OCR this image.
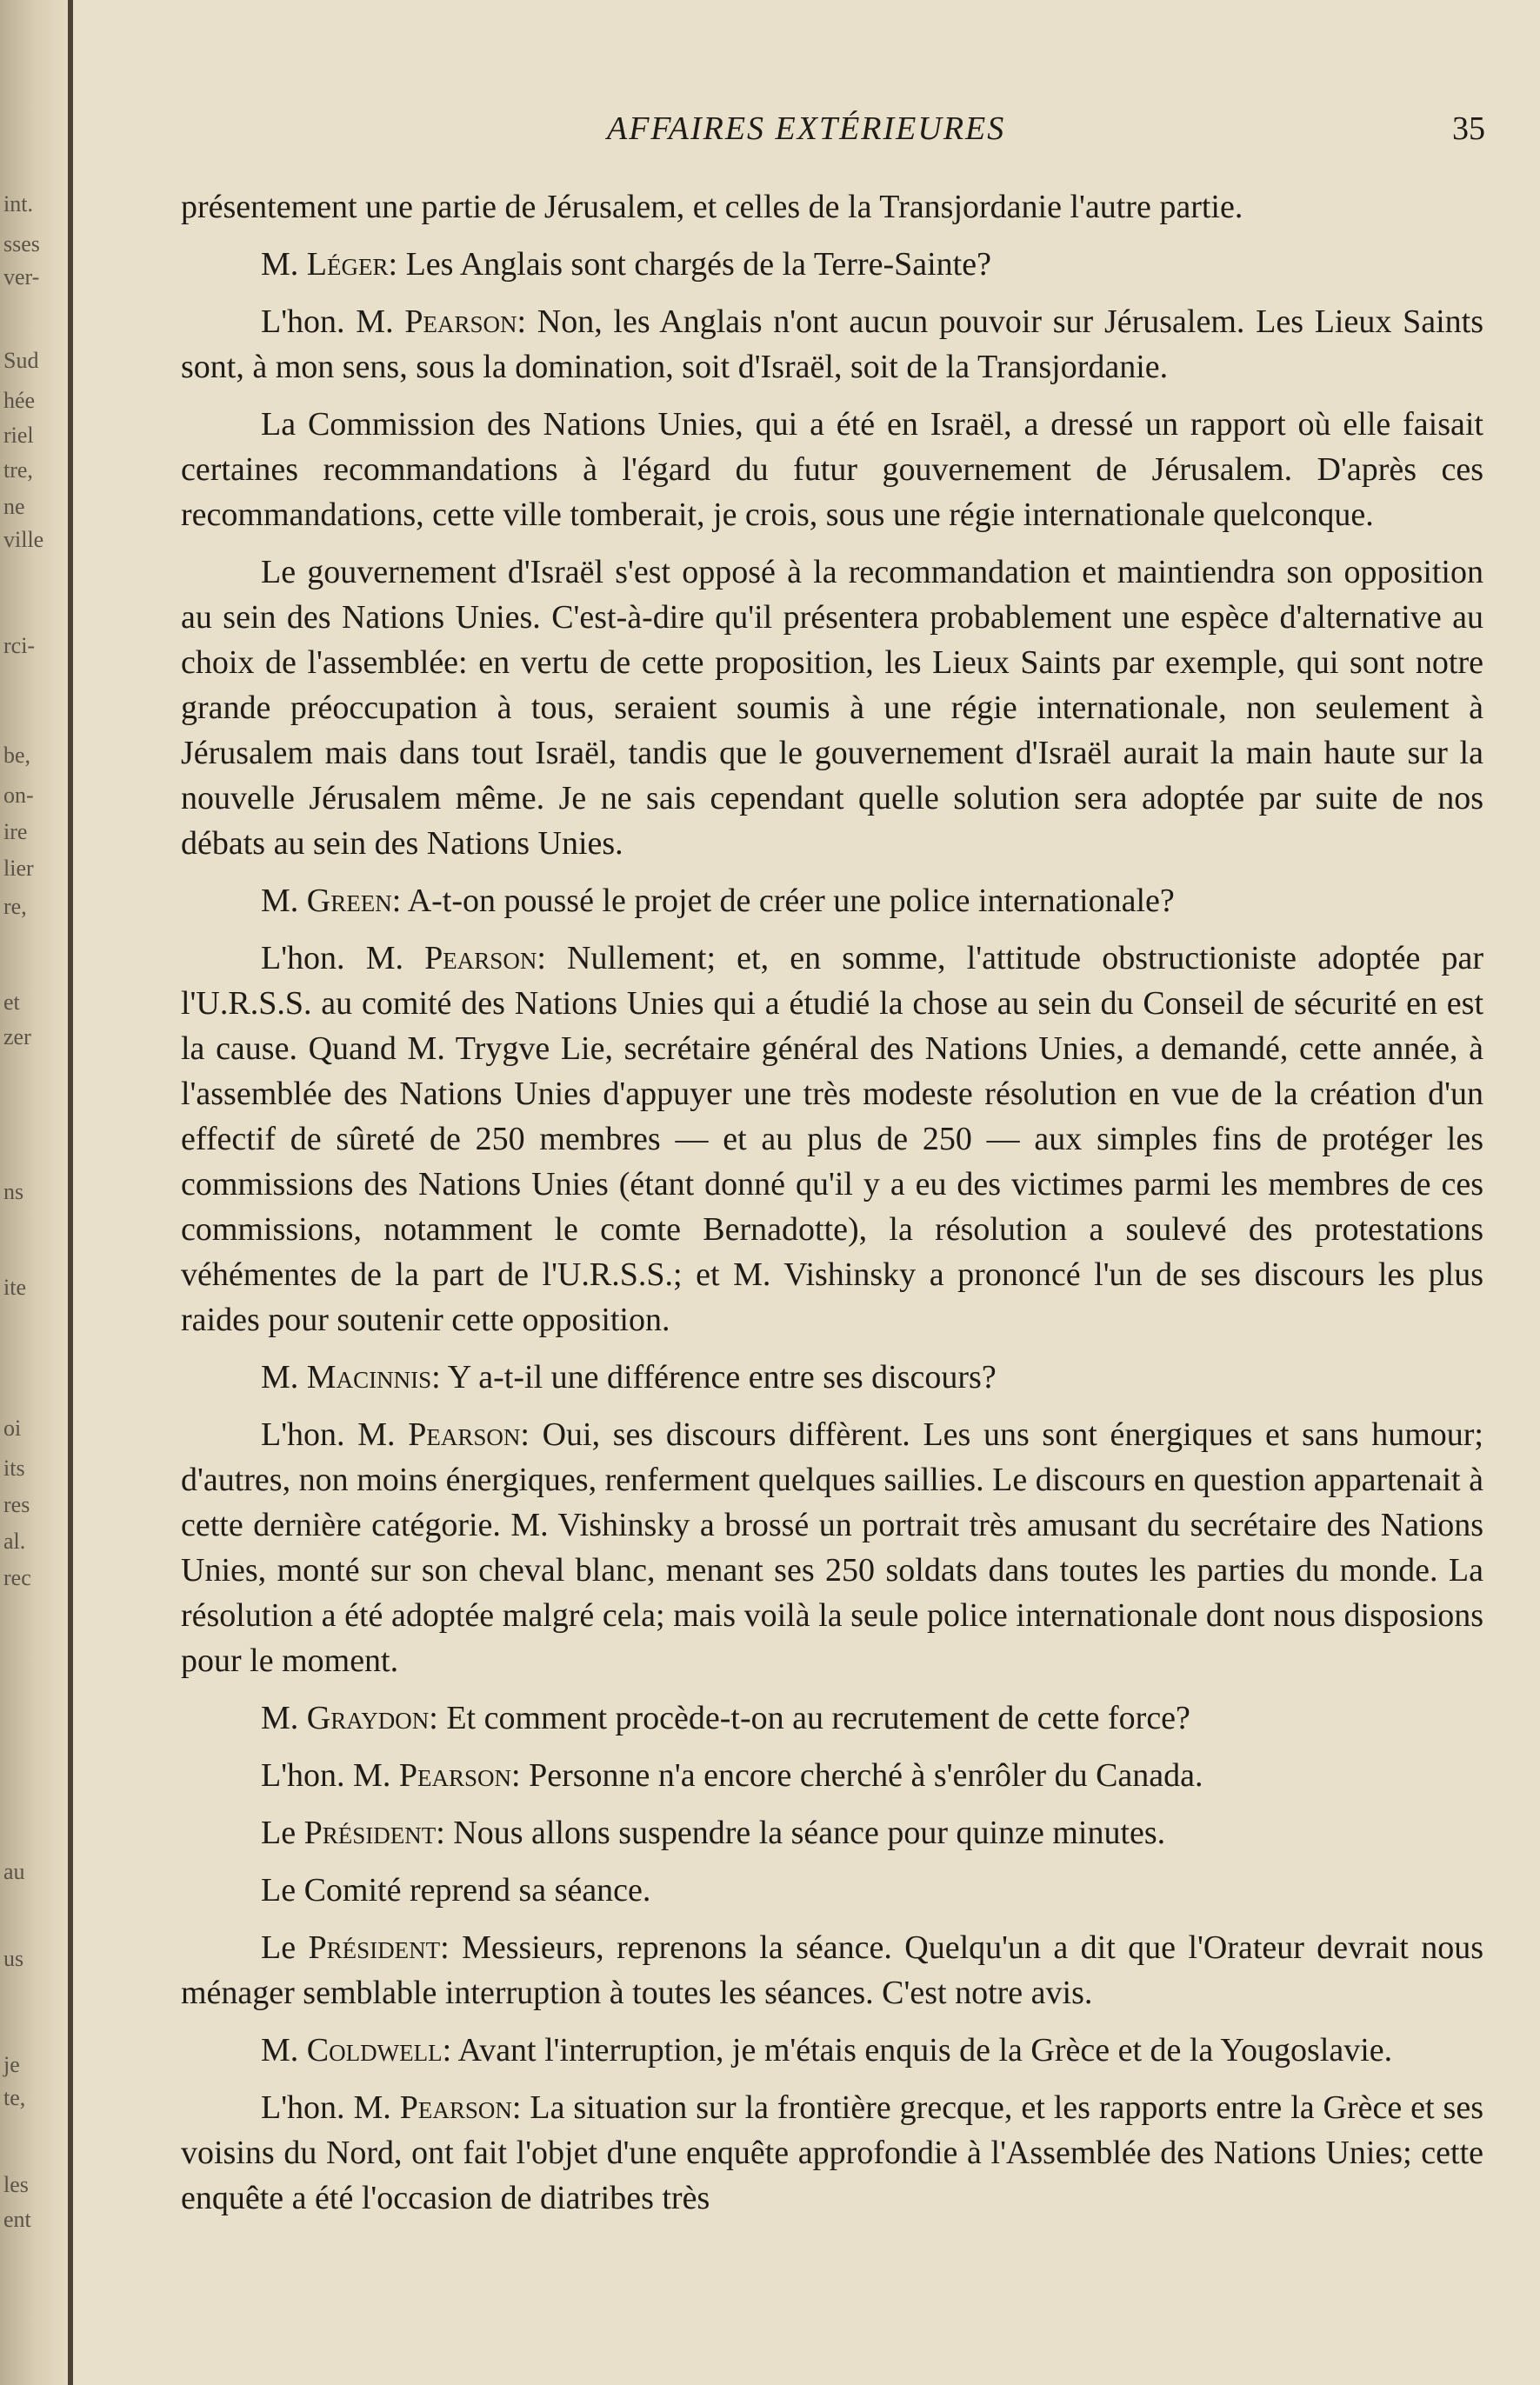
int.
sses
ver-
Sud
hée
riel
tre,
ne
ville
rci-
be,
on-
ire
lier
re,
et
zer
ns
ite
oi
its
res
al.
rec
au
us
je
te,
les
ent
AFFAIRES EXTÉRIEURES	35

présentement une partie de Jérusalem, et celles de la Transjordanie l'autre partie.

M. Léger: Les Anglais sont chargés de la Terre-Sainte?

L'hon. M. Pearson: Non, les Anglais n'ont aucun pouvoir sur Jérusalem. Les Lieux Saints sont, à mon sens, sous la domination, soit d'Israël, soit de la Transjordanie.

La Commission des Nations Unies, qui a été en Israël, a dressé un rapport où elle faisait certaines recommandations à l'égard du futur gouvernement de Jérusalem. D'après ces recommandations, cette ville tomberait, je crois, sous une régie internationale quelconque.

Le gouvernement d'Israël s'est opposé à la recommandation et maintiendra son opposition au sein des Nations Unies. C'est-à-dire qu'il présentera probablement une espèce d'alternative au choix de l'assemblée: en vertu de cette proposition, les Lieux Saints par exemple, qui sont notre grande préoccupation à tous, seraient soumis à une régie internationale, non seulement à Jérusalem mais dans tout Israël, tandis que le gouvernement d'Israël aurait la main haute sur la nouvelle Jérusalem même. Je ne sais cependant quelle solution sera adoptée par suite de nos débats au sein des Nations Unies.

M. Green: A-t-on poussé le projet de créer une police internationale?

L'hon. M. Pearson: Nullement; et, en somme, l'attitude obstructioniste adoptée par l'U.R.S.S. au comité des Nations Unies qui a étudié la chose au sein du Conseil de sécurité en est la cause. Quand M. Trygve Lie, secrétaire général des Nations Unies, a demandé, cette année, à l'assemblée des Nations Unies d'appuyer une très modeste résolution en vue de la création d'un effectif de sûreté de 250 membres — et au plus de 250 — aux simples fins de protéger les commissions des Nations Unies (étant donné qu'il y a eu des victimes parmi les membres de ces commissions, notamment le comte Bernadotte), la résolution a soulevé des protestations véhémentes de la part de l'U.R.S.S.; et M. Vishinsky a prononcé l'un de ses discours les plus raides pour soutenir cette opposition.

M. Macinnis: Y a-t-il une différence entre ses discours?

L'hon. M. Pearson: Oui, ses discours diffèrent. Les uns sont énergiques et sans humour; d'autres, non moins énergiques, renferment quelques saillies. Le discours en question appartenait à cette dernière catégorie. M. Vishinsky a brossé un portrait très amusant du secrétaire des Nations Unies, monté sur son cheval blanc, menant ses 250 soldats dans toutes les parties du monde. La résolution a été adoptée malgré cela; mais voilà la seule police internationale dont nous disposions pour le moment.

M. Graydon: Et comment procède-t-on au recrutement de cette force?

L'hon. M. Pearson: Personne n'a encore cherché à s'enrôler du Canada.

Le Président: Nous allons suspendre la séance pour quinze minutes.

Le Comité reprend sa séance.

Le Président: Messieurs, reprenons la séance. Quelqu'un a dit que l'Orateur devrait nous ménager semblable interruption à toutes les séances. C'est notre avis.

M. Coldwell: Avant l'interruption, je m'étais enquis de la Grèce et de la Yougoslavie.

L'hon. M. Pearson: La situation sur la frontière grecque, et les rapports entre la Grèce et ses voisins du Nord, ont fait l'objet d'une enquête approfondie à l'Assemblée des Nations Unies; cette enquête a été l'occasion de diatribes très
